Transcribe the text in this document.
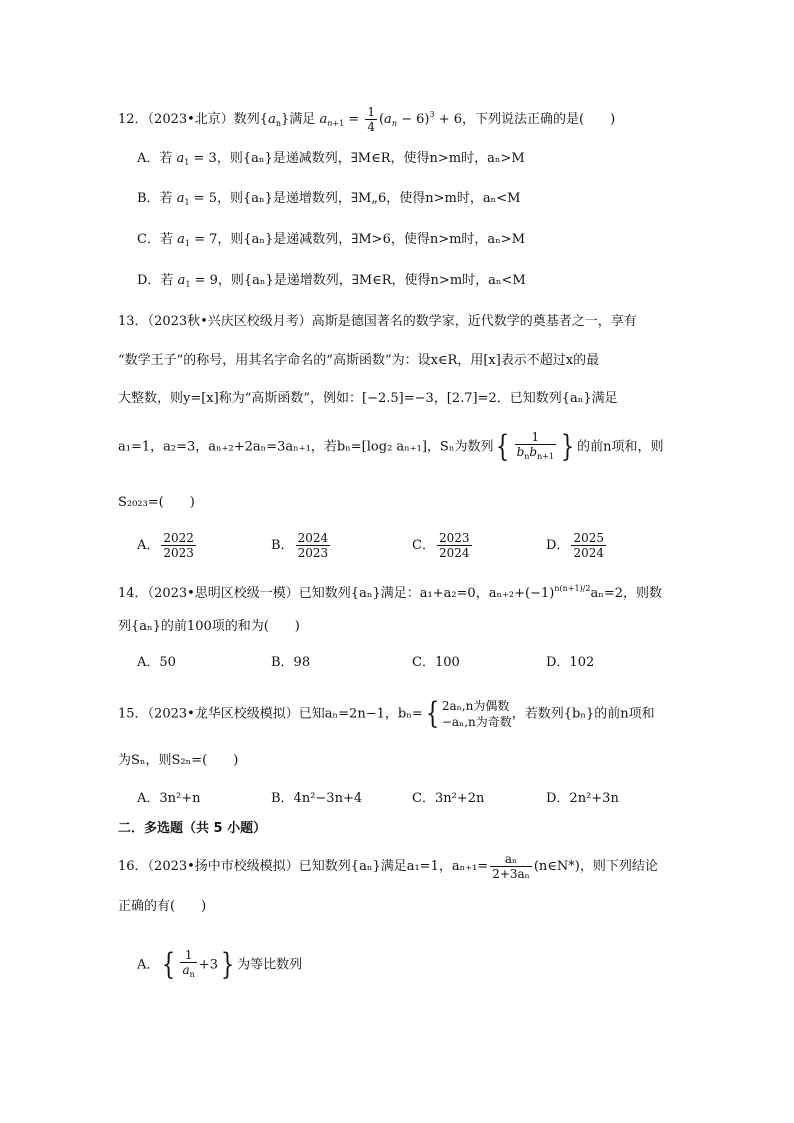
12．（2023•北京）数列$\{a_n\}$满足 $a_{n+1} = \frac{1}{4} (a_n - 6)^3 + 6$，下列说法正确的是(　　)
A．若 $a_1 = 3$，则{aₙ}是递减数列，∃M∈R，使得n>m时，aₙ>M
B．若 $a_1 = 5$，则{aₙ}是递增数列，∃M„6，使得n>m时，aₙ<M
C．若 $a_1 = 7$，则{aₙ}是递减数列，∃M>6，使得n>m时，aₙ>M
D．若 $a_1 = 9$，则{aₙ}是递增数列，∃M∈R，使得n>m时，aₙ<M
13．（2023秋•兴庆区校级月考）高斯是德国著名的数学家，近代数学的奠基者之一，享有
“数学王子”的称号，用其名字命名的“高斯函数”为：设x∈R，用[x]表示不超过x的最
大整数，则y=[x]称为“高斯函数”，例如：[−2.5]=−3，[2.7]=2．已知数列{aₙ}满足
a₁=1，a₂=3，aₙ₊₂+2aₙ=3aₙ₊₁，若bₙ=[log₂ aₙ₊₁]，Sₙ为数列{ $\frac{1}{b_nb_{n+1}}$ } 的前n项和，则
S₂₀₂₃=(　　)
A． $\frac{2022}{2023}$	B． $\frac{2024}{2023}$	C． $\frac{2023}{2024}$	D． $\frac{2025}{2024}$
14．（2023•思明区校级一模）已知数列{aₙ}满足：a₁+a₂=0，$a_{n+2}+(-1)^{n(n+1)/2}a_n=2$，则数
列{aₙ}的前100项的和为(　　)
A．50	B．98	C．100	D．102
15．（2023•龙华区校级模拟）已知aₙ=2n−1，bₙ={ 2aₙ,n为偶数
−aₙ,n为奇数
，若数列{bₙ}的前n项和
为Sₙ，则S₂ₙ=(　　)
A．3n²+n	B．4n²−3n+4	C．3n²+2n	D．2n²+3n
二．多选题（共 5 小题）
16．（2023•扬中市校级模拟）已知数列{aₙ}满足a₁=1，$a_{n+1}= \frac{\text{aₙ}}{\text{2+3aₙ}}$ (n∈N*)，则下列结论
正确的有(　　)
A．{ $\frac{1}{a_n} +3$} 为等比数列
